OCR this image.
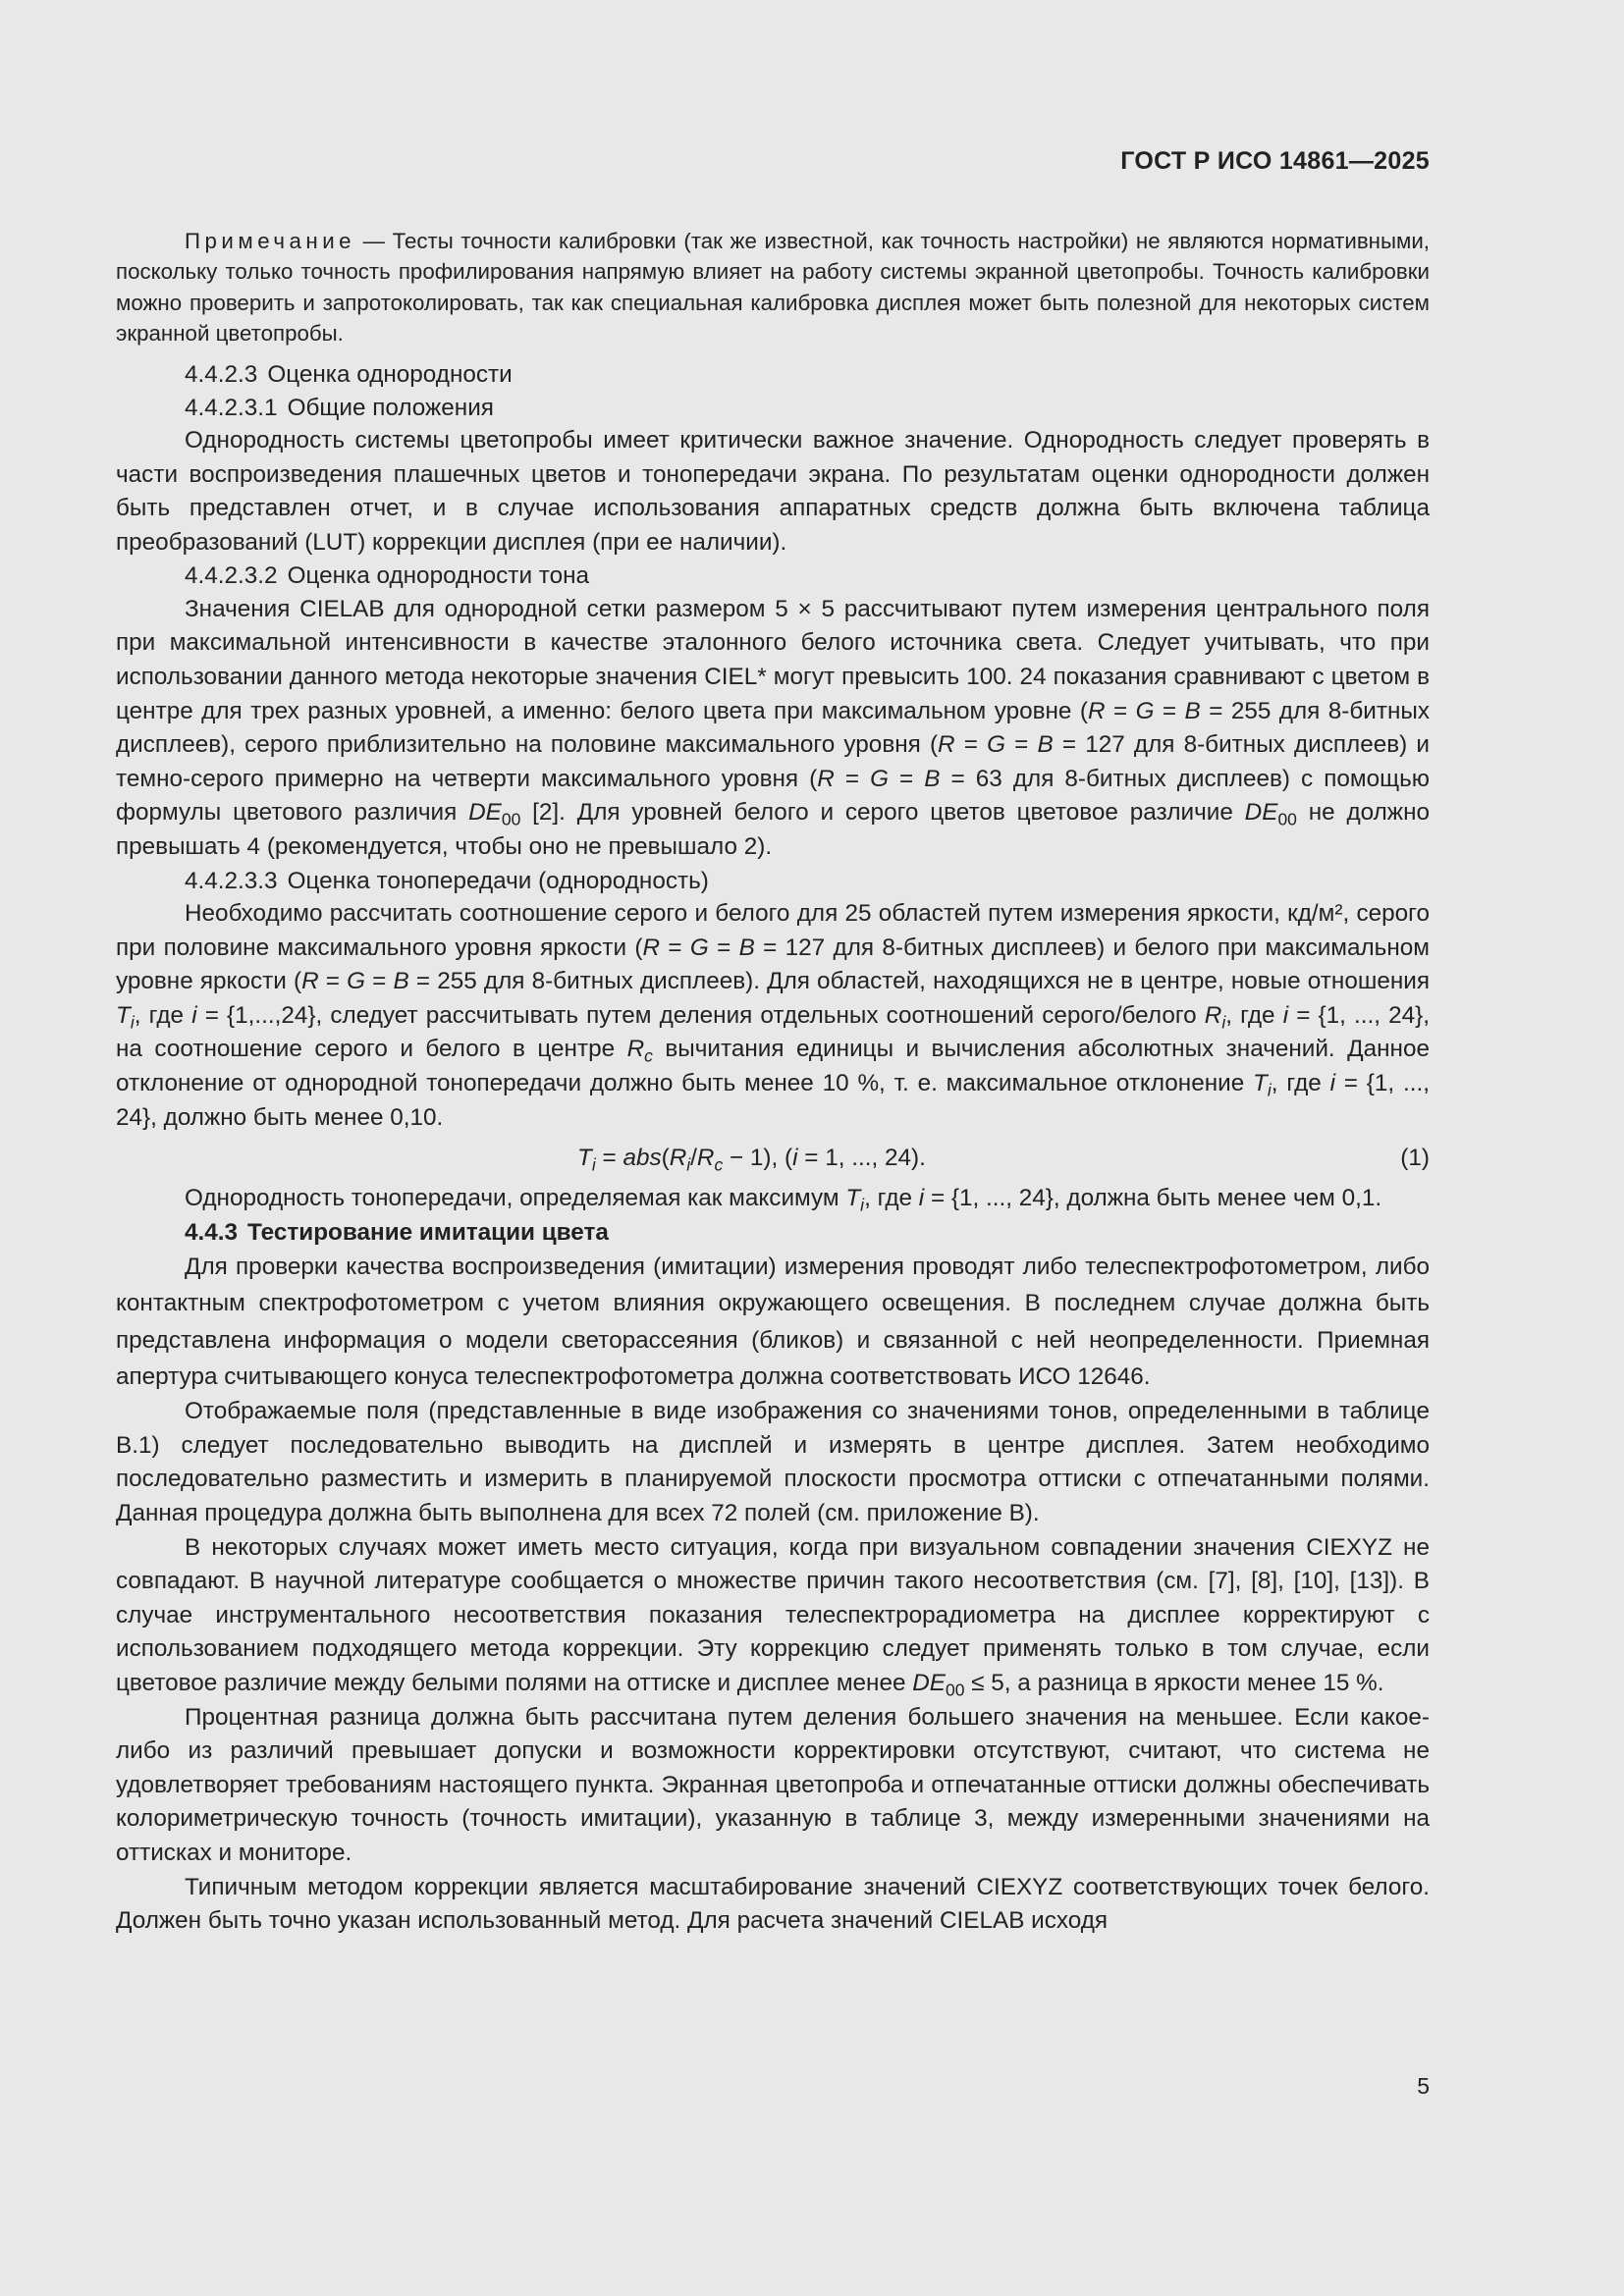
ГОСТ Р ИСО 14861—2025
Примечание — Тесты точности калибровки (так же известной, как точность настройки) не являются нормативными, поскольку только точность профилирования напрямую влияет на работу системы экранной цветопробы. Точность калибровки можно проверить и запротоколировать, так как специальная калибровка дисплея может быть полезной для некоторых систем экранной цветопробы.
4.4.2.3 Оценка однородности
4.4.2.3.1 Общие положения

Однородность системы цветопробы имеет критически важное значение. Однородность следует проверять в части воспроизведения плашечных цветов и тонопередачи экрана. По результатам оценки однородности должен быть представлен отчет, и в случае использования аппаратных средств должна быть включена таблица преобразований (LUT) коррекции дисплея (при ее наличии).

4.4.2.3.2 Оценка однородности тона

Значения CIELAB для однородной сетки размером 5 × 5 рассчитывают путем измерения центрального поля при максимальной интенсивности в качестве эталонного белого источника света. Следует учитывать, что при использовании данного метода некоторые значения CIEL* могут превысить 100. 24 показания сравнивают с цветом в центре для трех разных уровней, а именно: белого цвета при максимальном уровне (R = G = B = 255 для 8-битных дисплеев), серого приблизительно на половине максимального уровня (R = G = B = 127 для 8-битных дисплеев) и темно-серого примерно на четверти максимального уровня (R = G = B = 63 для 8-битных дисплеев) с помощью формулы цветового различия $DE_{00}$ [2]. Для уровней белого и серого цветов цветовое различие $DE_{00}$ не должно превышать 4 (рекомендуется, чтобы оно не превышало 2).

4.4.2.3.3 Оценка тонопередачи (однородность)

Необходимо рассчитать соотношение серого и белого для 25 областей путем измерения яркости, кд/м², серого при половине максимального уровня яркости (R = G = B = 127 для 8-битных дисплеев) и белого при максимальном уровне яркости (R = G = B = 255 для 8-битных дисплеев). Для областей, находящихся не в центре, новые отношения $T_i$, где i = {1,...,24}, следует рассчитывать путем деления отдельных соотношений серого/белого $R_i$, где i = {1, ..., 24}, на соотношение серого и белого в центре $R_c$ вычитания единицы и вычисления абсолютных значений. Данное отклонение от однородной тонопередачи должно быть менее 10 %, т. е. максимальное отклонение $T_i$, где i = {1, ..., 24}, должно быть менее 0,10.

$T_i = abs(R_i/R_c - 1)$, (i = 1, ..., 24).	(1)

Однородность тонопередачи, определяемая как максимум $T_i$, где i = {1, ..., 24}, должна быть менее чем 0,1.

4.4.3 Тестирование имитации цвета

Для проверки качества воспроизведения (имитации) измерения проводят либо телеспектрофотометром, либо контактным спектрофотометром с учетом влияния окружающего освещения. В последнем случае должна быть представлена информация о модели светорассеяния (бликов) и связанной с ней неопределенности. Приемная апертура считывающего конуса телеспектрофотометра должна соответствовать ИСО 12646.

Отображаемые поля (представленные в виде изображения со значениями тонов, определенными в таблице В.1) следует последовательно выводить на дисплей и измерять в центре дисплея. Затем необходимо последовательно разместить и измерить в планируемой плоскости просмотра оттиски с отпечатанными полями. Данная процедура должна быть выполнена для всех 72 полей (см. приложение В).

В некоторых случаях может иметь место ситуация, когда при визуальном совпадении значения CIEXYZ не совпадают. В научной литературе сообщается о множестве причин такого несоответствия (см. [7], [8], [10], [13]). В случае инструментального несоответствия показания телеспектрорадиометра на дисплее корректируют с использованием подходящего метода коррекции. Эту коррекцию следует применять только в том случае, если цветовое различие между белыми полями на оттиске и дисплее менее $DE_{00} \le 5$, а разница в яркости менее 15 %.

Процентная разница должна быть рассчитана путем деления большего значения на меньшее. Если какое-либо из различий превышает допуски и возможности корректировки отсутствуют, считают, что система не удовлетворяет требованиям настоящего пункта. Экранная цветопроба и отпечатанные оттиски должны обеспечивать колориметрическую точность (точность имитации), указанную в таблице 3, между измеренными значениями на оттисках и мониторе.

Типичным методом коррекции является масштабирование значений CIEXYZ соответствующих точек белого. Должен быть точно указан использованный метод. Для расчета значений CIELAB исходя

5
